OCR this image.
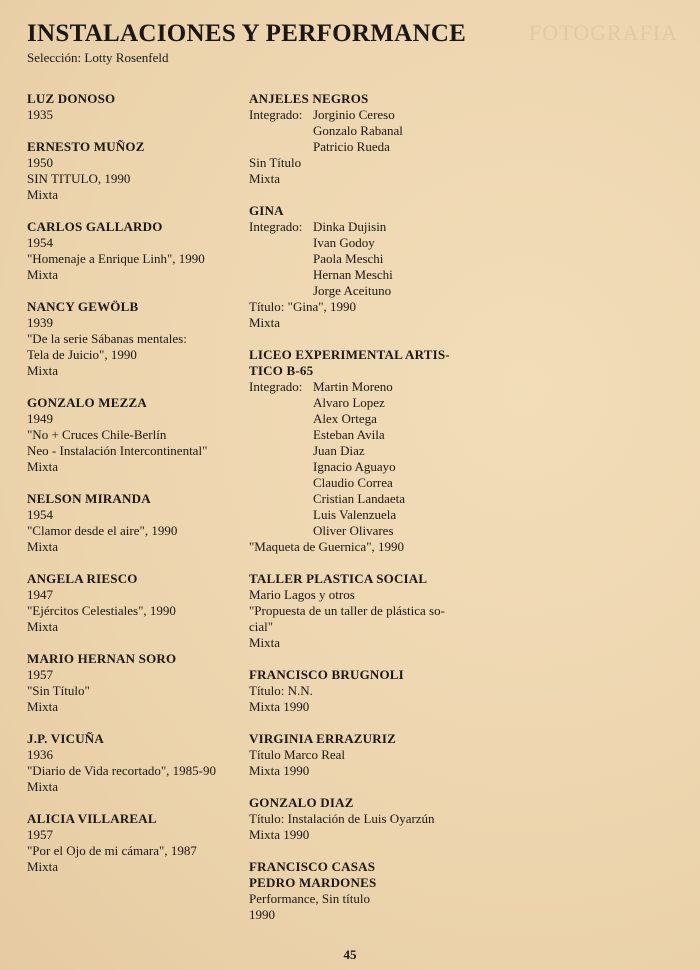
FOTOGRAFIA
INSTALACIONES Y PERFORMANCE
Selección: Lotty Rosenfeld
LUZ DONOSO
1935
ERNESTO MUÑOZ
1950
SIN TITULO, 1990
Mixta
CARLOS GALLARDO
1954
"Homenaje a Enrique Linh", 1990
Mixta
NANCY GEWÖLB
1939
"De la serie Sábanas mentales:
Tela de Juicio", 1990
Mixta
GONZALO MEZZA
1949
"No + Cruces Chile-Berlín
Neo - Instalación Intercontinental"
Mixta
NELSON MIRANDA
1954
"Clamor desde el aire", 1990
Mixta
ANGELA RIESCO
1947
"Ejércitos Celestiales", 1990
Mixta
MARIO HERNAN SORO
1957
"Sin Título"
Mixta
J.P. VICUÑA
1936
"Diario de Vida recortado", 1985-90
Mixta
ALICIA VILLAREAL
1957
"Por el Ojo de mi cámara", 1987
Mixta
ANJELES NEGROS
Integrado: Jorginio Cereso
Gonzalo Rabanal
Patricio Rueda
Sin Título
Mixta
GINA
Integrado: Dinka Dujisin
Ivan Godoy
Paola Meschi
Hernan Meschi
Jorge Aceituno
Título: "Gina", 1990
Mixta
LICEO EXPERIMENTAL ARTIS-
TICO B-65
Integrado: Martin Moreno
Alvaro Lopez
Alex Ortega
Esteban Avila
Juan Diaz
Ignacio Aguayo
Claudio Correa
Cristian Landaeta
Luis Valenzuela
Oliver Olivares
"Maqueta de Guernica", 1990
TALLER PLASTICA SOCIAL
Mario Lagos y otros
"Propuesta de un taller de plástica so-
cial"
Mixta
FRANCISCO BRUGNOLI
Título: N.N.
Mixta 1990
VIRGINIA ERRAZURIZ
Título Marco Real
Mixta 1990
GONZALO DIAZ
Título: Instalación de Luis Oyarzún
Mixta 1990
FRANCISCO CASAS
PEDRO MARDONES
Performance, Sin título
1990
45
